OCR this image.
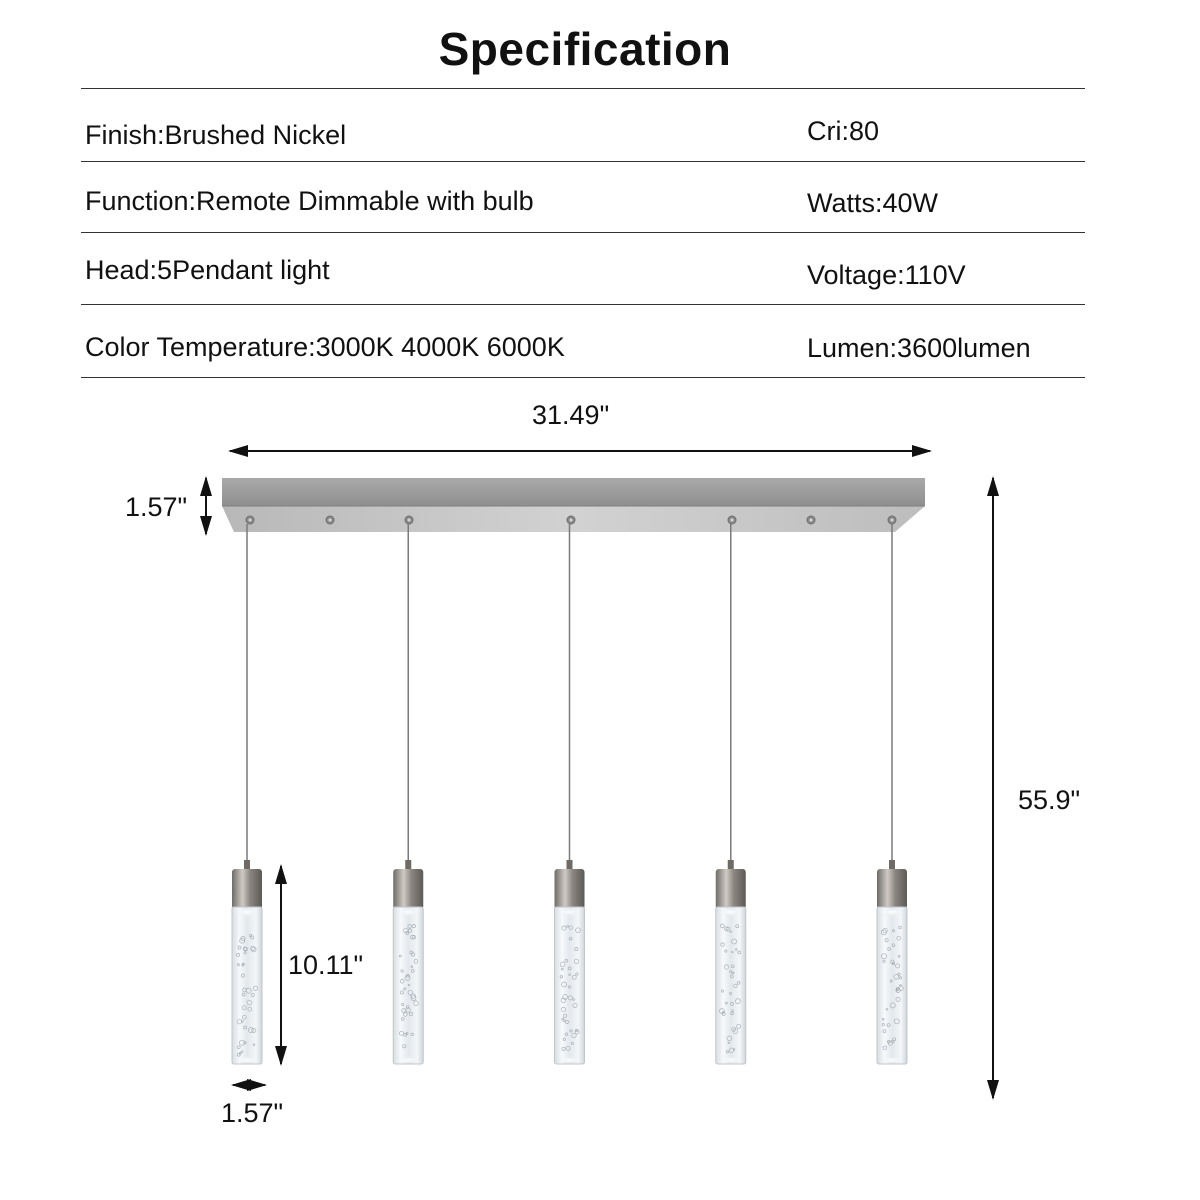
Specification
Finish:Brushed Nickel	Cri:80
Function:Remote Dimmable with bulb	Watts:40W
Head:5Pendant light	Voltage:110V
Color Temperature:3000K 4000K 6000K	Lumen:3600lumen
31.49"
1.57"
55.9"
10.11"
1.57"
